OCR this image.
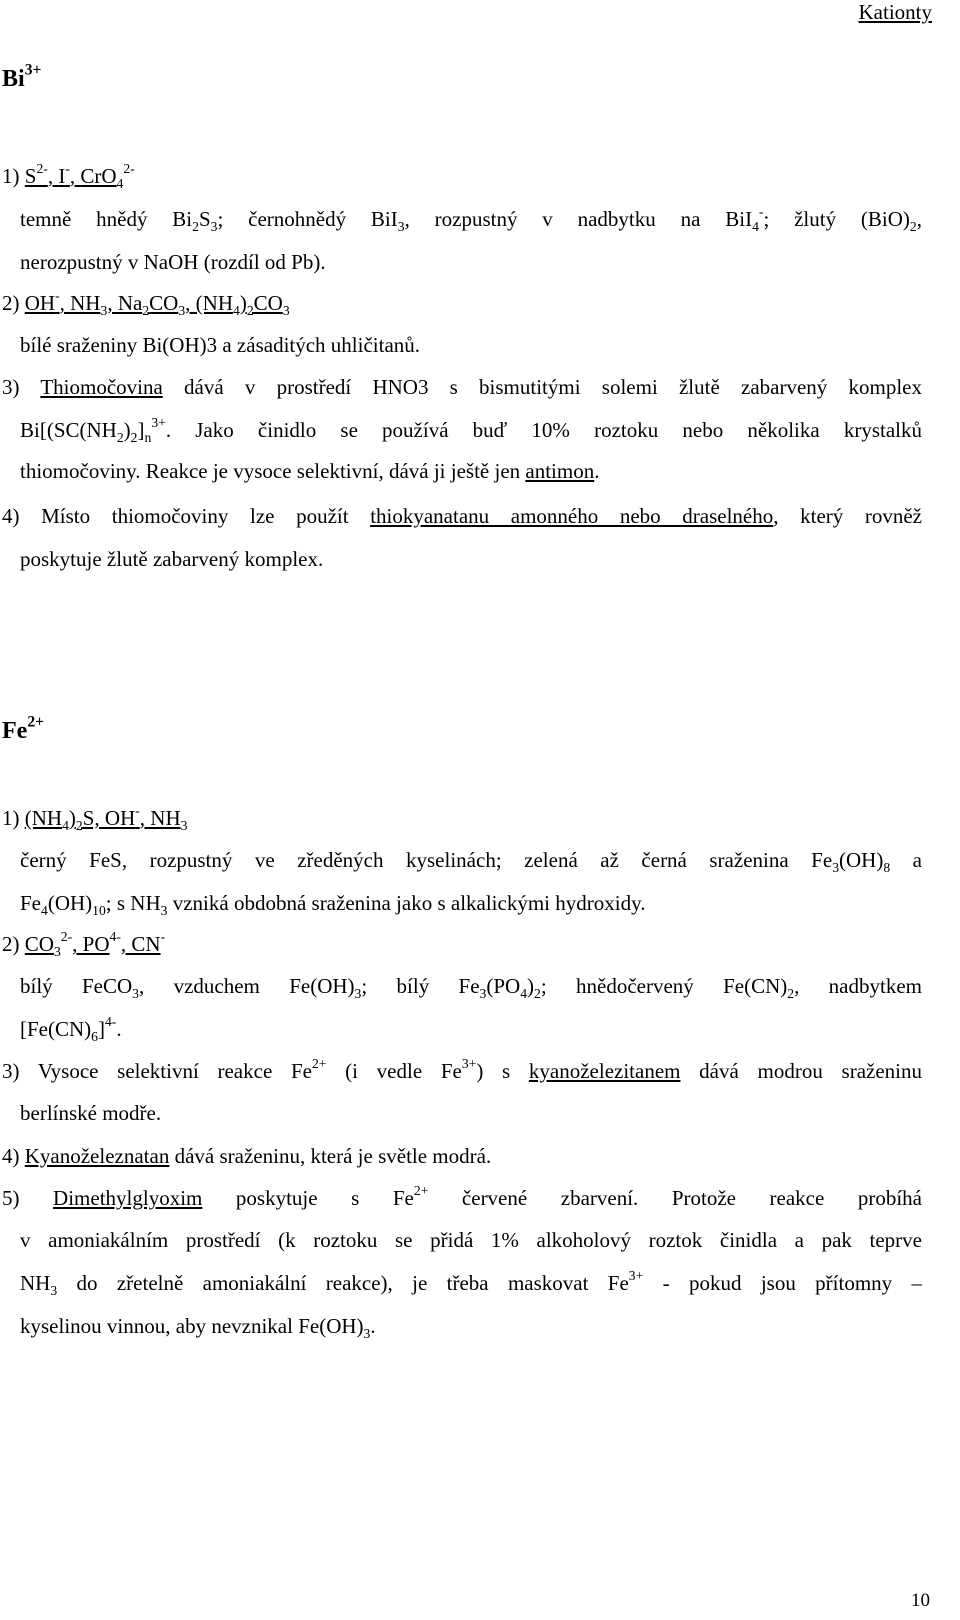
Kationty
$Bi^{3+}$
1) $S^{2-}$, I-, CrO$_4^{2-}$
temně hnědý $Bi_2S_3$; černohnědý BiI$_3$, rozpustný v nadbytku na BiI$_4$-; žlutý $(BiO)_2$,
nerozpustný v NaOH (rozdíl od Pb).
2) OH-, $NH_3$, $Na_2CO_3$, $(NH_4)_2CO_3$
bílé sraženiny Bi(OH)3 a zásaditých uhličitanů.
3) Thiomočovina dává v prostředí HNO3 s bismutitými solemi žlutě zabarvený komplex
$Bi[(SC(NH_2)_2]_n^{3+}$. Jako činidlo se používá buď 10% roztoku nebo několika krystalků
thiomočoviny. Reakce je vysoce selektivní, dává ji ještě jen antimon.
4) Místo thiomočoviny lze použít thiokyanatanu amonného nebo draselného, který rovněž
poskytuje žlutě zabarvený komplex.
$Fe^{2+}$
1) $(NH_4)_2S$, OH-, $NH_3$
černý FeS, rozpustný ve zředěných kyselinách; zelená až černá sraženina $Fe_3(OH)_8$ a
$Fe_4(OH)_{10}$; s $NH_3$ vzniká obdobná sraženina jako s alkalickými hydroxidy.
2) $CO_3^{2-}$, $PO^{4-}$, CN-
bílý FeCO$_3$, vzduchem $Fe(OH)_3$; bílý $Fe_3(PO_4)_2$; hnědočervený $Fe(CN)_2$, nadbytkem
$[Fe(CN)_6]^{4-}$.
3) Vysoce selektivní reakce $Fe^{2+}$ (i vedle $Fe^{3+}$) s kyanoželezitanem dává modrou sraženinu
berlínské modře.
4) Kyanoželeznatan dává sraženinu, která je světle modrá.
5) Dimethylglyoxim poskytuje s $Fe^{2+}$ červené zbarvení. Protože reakce probíhá
v amoniakálním prostředí (k roztoku se přidá 1% alkoholový roztok činidla a pak teprve
$NH_3$ do zřetelně amoniakální reakce), je třeba maskovat $Fe^{3+}$ - pokud jsou přítomny –
kyselinou vinnou, aby nevznikal $Fe(OH)_3$.
10
